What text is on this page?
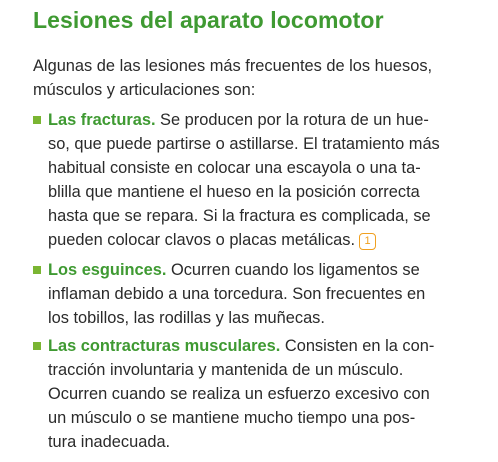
Lesiones del aparato locomotor

Algunas de las lesiones más frecuentes de los huesos,
músculos y articulaciones son:

Las fracturas. Se producen por la rotura de un hue-
so, que puede partirse o astillarse. El tratamiento más
habitual consiste en colocar una escayola o una ta-
blilla que mantiene el hueso en la posición correcta
hasta que se repara. Si la fractura es complicada, se
pueden colocar clavos o placas metálicas. 1

Los esguinces. Ocurren cuando los ligamentos se
inflaman debido a una torcedura. Son frecuentes en
los tobillos, las rodillas y las muñecas.

Las contracturas musculares. Consisten en la con-
tracción involuntaria y mantenida de un músculo.
Ocurren cuando se realiza un esfuerzo excesivo con
un músculo o se mantiene mucho tiempo una pos-
tura inadecuada.
